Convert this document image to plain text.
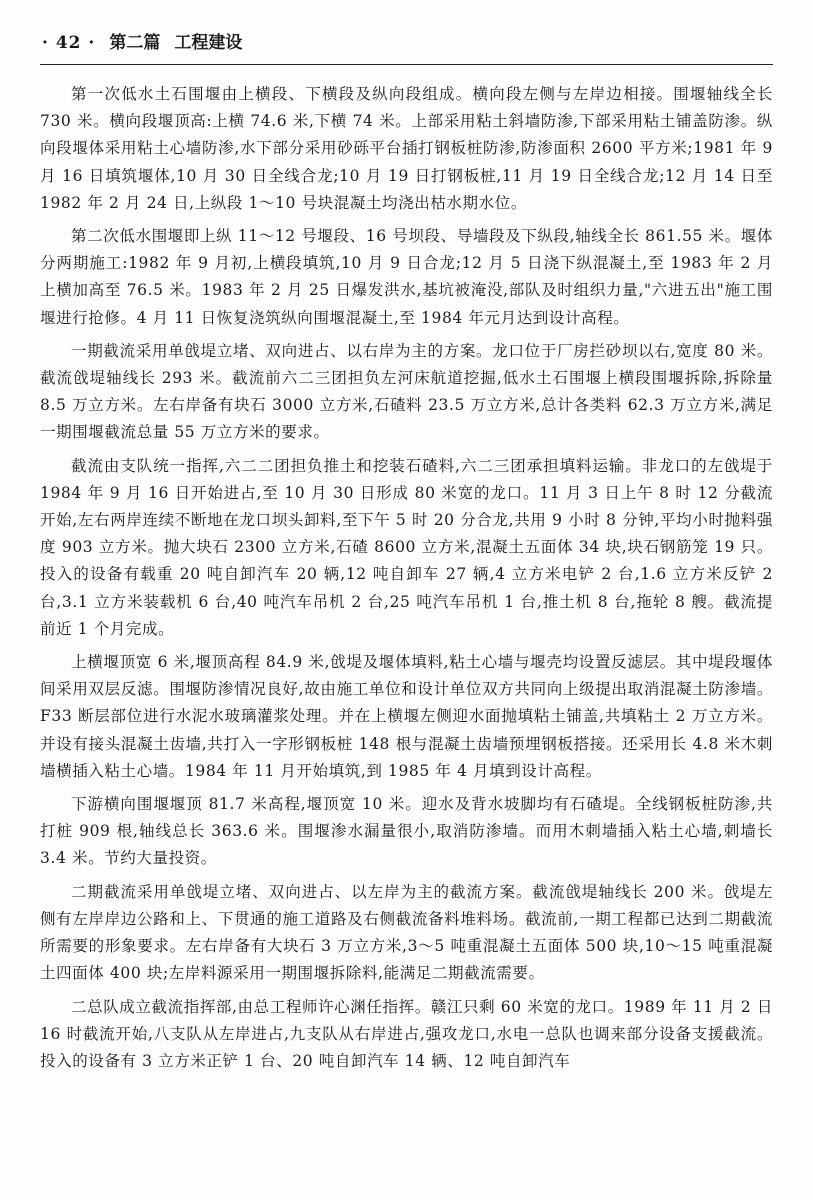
· 42 · 第二篇 工程建设

第一次低水土石围堰由上横段、下横段及纵向段组成。横向段左侧与左岸边相接。围堰轴线全长 730 米。横向段堰顶高:上横 74.6 米,下横 74 米。上部采用粘土斜墙防渗,下部采用粘土铺盖防渗。纵向段堰体采用粘土心墙防渗,水下部分采用砂砾平台插打钢板桩防渗,防渗面积 2600 平方米;1981 年 9 月 16 日填筑堰体,10 月 30 日全线合龙;10 月 19 日打钢板桩,11 月 19 日全线合龙;12 月 14 日至 1982 年 2 月 24 日,上纵段 1～10 号块混凝土均浇出枯水期水位。

第二次低水围堰即上纵 11～12 号堰段、16 号坝段、导墙段及下纵段,轴线全长 861.55 米。堰体分两期施工:1982 年 9 月初,上横段填筑,10 月 9 日合龙;12 月 5 日浇下纵混凝土,至 1983 年 2 月上横加高至 76.5 米。1983 年 2 月 25 日爆发洪水,基坑被淹没,部队及时组织力量,"六进五出"施工围堰进行抢修。4 月 11 日恢复浇筑纵向围堰混凝土,至 1984 年元月达到设计高程。

一期截流采用单戗堤立堵、双向进占、以右岸为主的方案。龙口位于厂房拦砂坝以右,宽度 80 米。截流戗堤轴线长 293 米。截流前六二三团担负左河床航道挖掘,低水土石围堰上横段围堰拆除,拆除量 8.5 万立方米。左右岸备有块石 3000 立方米,石碴料 23.5 万立方米,总计各类料 62.3 万立方米,满足一期围堰截流总量 55 万立方米的要求。

截流由支队统一指挥,六二二团担负推土和挖装石碴料,六二三团承担填料运输。非龙口的左戗堤于 1984 年 9 月 16 日开始进占,至 10 月 30 日形成 80 米宽的龙口。11 月 3 日上午 8 时 12 分截流开始,左右两岸连续不断地在龙口坝头卸料,至下午 5 时 20 分合龙,共用 9 小时 8 分钟,平均小时抛料强度 903 立方米。抛大块石 2300 立方米,石碴 8600 立方米,混凝土五面体 34 块,块石钢筋笼 19 只。投入的设备有载重 20 吨自卸汽车 20 辆,12 吨自卸车 27 辆,4 立方米电铲 2 台,1.6 立方米反铲 2 台,3.1 立方米装载机 6 台,40 吨汽车吊机 2 台,25 吨汽车吊机 1 台,推土机 8 台,拖轮 8 艘。截流提前近 1 个月完成。

上横堰顶宽 6 米,堰顶高程 84.9 米,戗堤及堰体填料,粘土心墙与堰壳均设置反滤层。其中堤段堰体间采用双层反滤。围堰防渗情况良好,故由施工单位和设计单位双方共同向上级提出取消混凝土防渗墙。F33 断层部位进行水泥水玻璃灌浆处理。并在上横堰左侧迎水面抛填粘土铺盖,共填粘土 2 万立方米。并设有接头混凝土齿墙,共打入一字形钢板桩 148 根与混凝土齿墙预埋钢板搭接。还采用长 4.8 米木刺墙横插入粘土心墙。1984 年 11 月开始填筑,到 1985 年 4 月填到设计高程。

下游横向围堰堰顶 81.7 米高程,堰顶宽 10 米。迎水及背水坡脚均有石碴堤。全线钢板桩防渗,共打桩 909 根,轴线总长 363.6 米。围堰渗水漏量很小,取消防渗墙。而用木刺墙插入粘土心墙,刺墙长 3.4 米。节约大量投资。

二期截流采用单戗堤立堵、双向进占、以左岸为主的截流方案。截流戗堤轴线长 200 米。戗堤左侧有左岸岸边公路和上、下贯通的施工道路及右侧截流备料堆料场。截流前,一期工程都已达到二期截流所需要的形象要求。左右岸备有大块石 3 万立方米,3～5 吨重混凝土五面体 500 块,10～15 吨重混凝土四面体 400 块;左岸料源采用一期围堰拆除料,能满足二期截流需要。

二总队成立截流指挥部,由总工程师许心渊任指挥。赣江只剩 60 米宽的龙口。1989 年 11 月 2 日 16 时截流开始,八支队从左岸进占,九支队从右岸进占,强攻龙口,水电一总队也调来部分设备支援截流。投入的设备有 3 立方米正铲 1 台、20 吨自卸汽车 14 辆、12 吨自卸汽车
